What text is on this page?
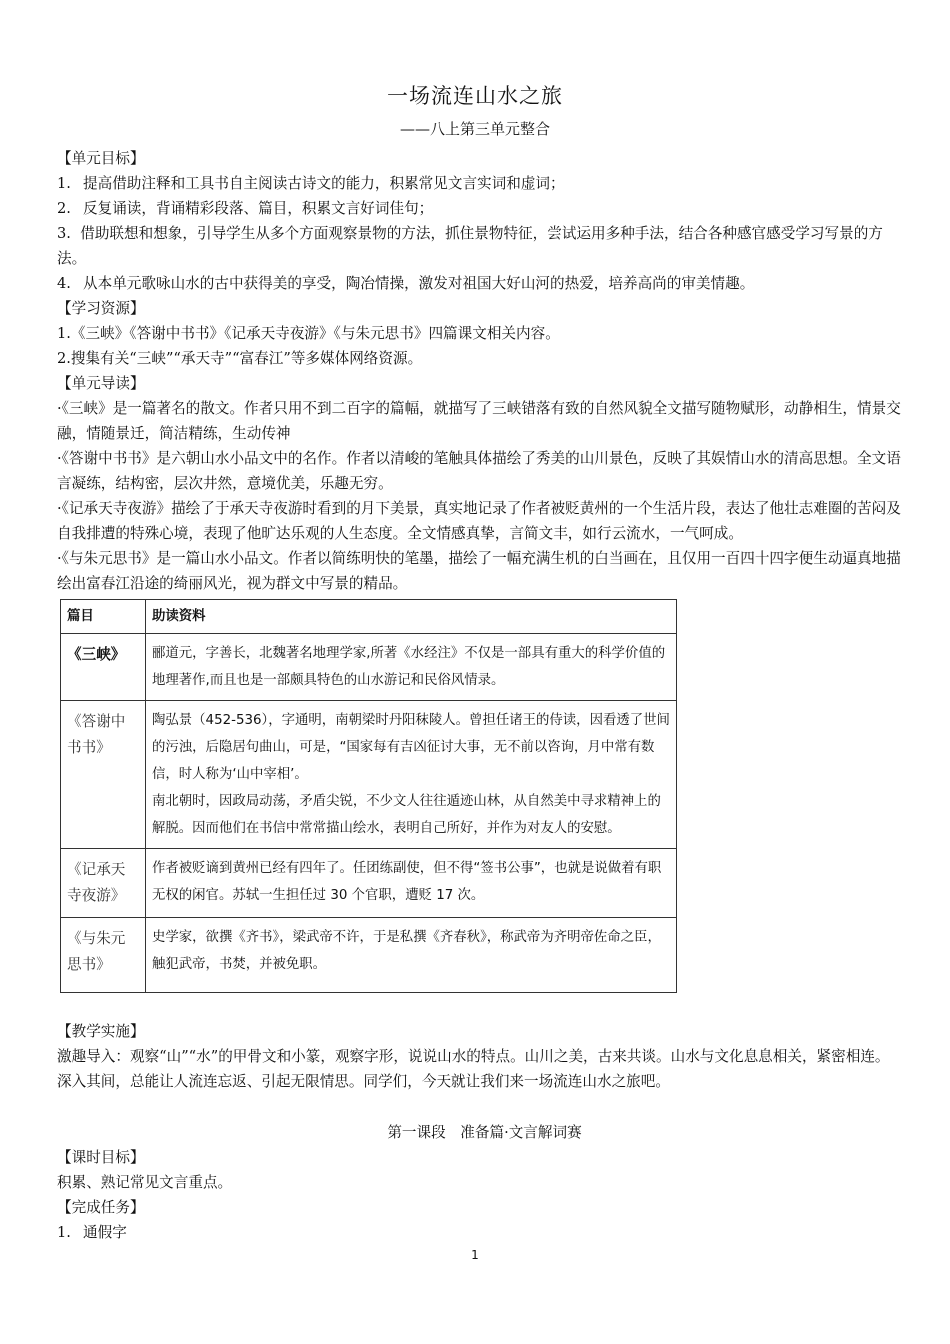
一场流连山水之旅
——八上第三单元整合

【单元目标】

1. 提高借助注释和工具书自主阅读古诗文的能力，积累常见文言实词和虚词；
2. 反复诵读，背诵精彩段落、篇目，积累文言好词佳句；

3. 借助联想和想象，引导学生从多个方面观察景物的方法，抓住景物特征，尝试运用多种手法，结合各种感官感受学习写景的方法。

4. 从本单元歌咏山水的古中获得美的享受，陶冶情操，激发对祖国大好山河的热爱，培养高尚的审美情趣。

【学习资源】

1.《三峡》《答谢中书书》《记承天寺夜游》《与朱元思书》四篇课文相关内容。

2.搜集有关“三峡”“承天寺”“富春江”等多媒体网络资源。

【单元导读】

·《三峡》是一篇著名的散文。作者只用不到二百字的篇幅，就描写了三峡错落有致的自然风貌全文描写随物赋形，动静相生，情景交融，情随景迁，简洁精练，生动传神

·《答谢中书书》是六朝山水小品文中的名作。作者以清峻的笔触具体描绘了秀美的山川景色，反映了其娱情山水的清高思想。全文语言凝练，结构密，层次井然，意境优美，乐趣无穷。

·《记承天寺夜游》描绘了于承天寺夜游时看到的月下美景，真实地记录了作者被贬黄州的一个生活片段，表达了他壮志难圈的苦闷及自我排遭的特殊心境，表现了他旷达乐观的人生态度。全文情感真挚，言简文丰，如行云流水，一气呵成。

·《与朱元思书》是一篇山水小品文。作者以简练明快的笔墨，描绘了一幅充满生机的白当画在，且仅用一百四十四字便生动逼真地描绘出富春江沿途的绮丽风光，视为群文中写景的精品。

篇目	助读资料
《三峡》	郦道元，字善长，北魏著名地理学家,所著《水经注》不仅是一部具有重大的科学价值的地理著作,而且也是一部颇具特色的山水游记和民俗风情录。
《答谢中书书》	陶弘景（452-536），字通明，南朝梁时丹阳秣陵人。曾担任诸王的侍读，因看透了世间的污浊，后隐居句曲山，可是，“国家每有吉凶征讨大事，无不前以咨询，月中常有数信，时人称为‘山中宰相’。
南北朝时，因政局动荡，矛盾尖锐，不少文人往往遁迹山林，从自然美中寻求精神上的解脱。因而他们在书信中常常描山绘水，表明自己所好，并作为对友人的安慰。

《记承天寺夜游》	作者被贬谪到黄州已经有四年了。任团练副使，但不得“签书公事”，也就是说做着有职无权的闲官。苏轼一生担任过 30 个官职，遭贬 17 次。
《与朱元思书》	史学家，欲撰《齐书》，梁武帝不许，于是私撰《齐春秋》，称武帝为齐明帝佐命之臣，触犯武帝，书焚，并被免职。

【教学实施】

激趣导入：观察“山”“水”的甲骨文和小篆，观察字形，说说山水的特点。山川之美，古来共谈。山水与文化息息相关，紧密相连。深入其间，总能让人流连忘返、引起无限情思。同学们，今天就让我们来一场流连山水之旅吧。

第一课段　准备篇·文言解词赛

【课时目标】

积累、熟记常见文言重点。

【完成任务】

1. 通假字
1
